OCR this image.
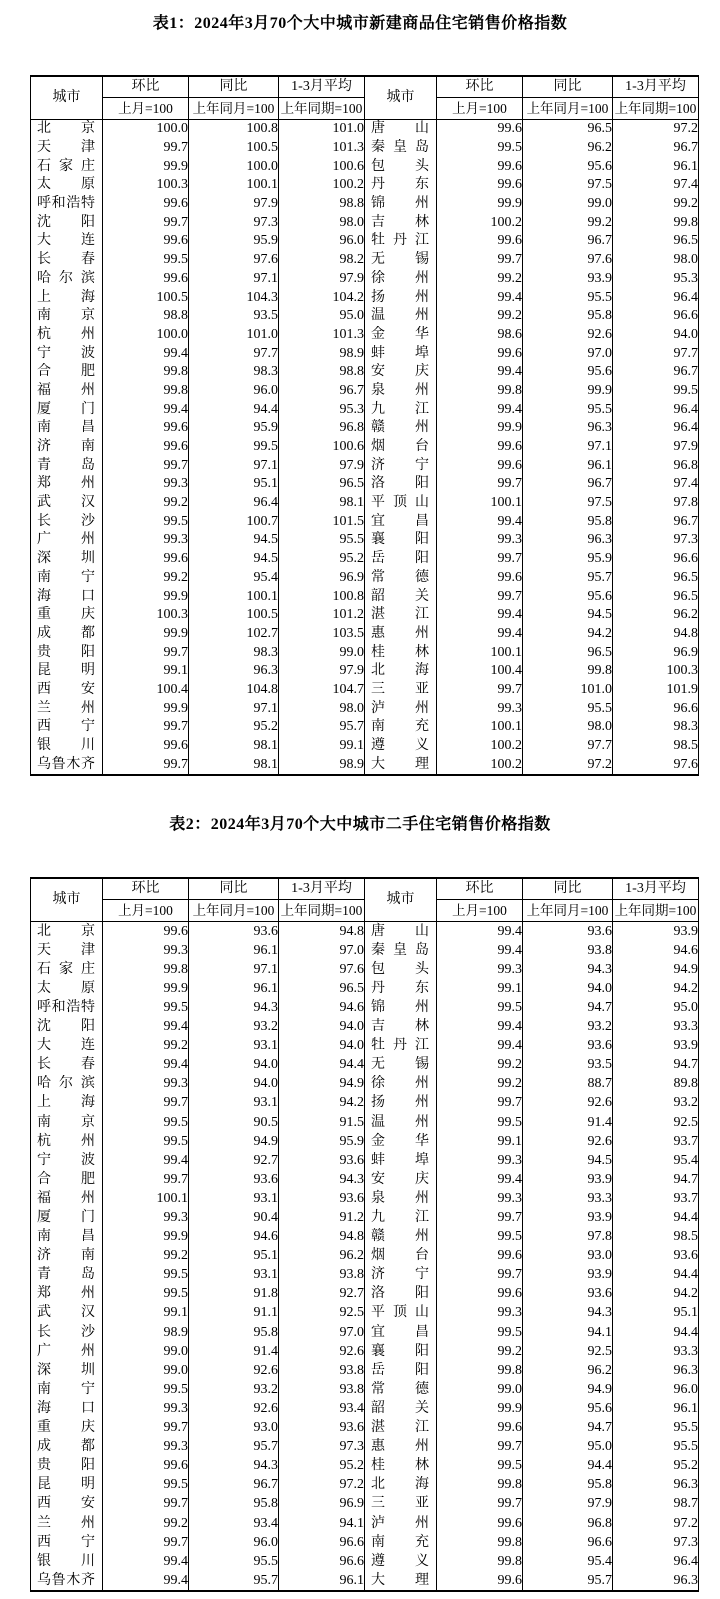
表1：2024年3月70个大中城市新建商品住宅销售价格指数
城市	环比	同比	1-3月平均	城市	环比	同比	1-3月平均
	上月=100	上年同月=100	上年同期=100		上月=100	上年同月=100	上年同期=100

北京	100.0	100.8	101.0	唐山	99.6	96.5	97.2

天津	99.7	100.5	101.3	秦皇岛	99.5	96.2	96.7

石家庄	99.9	100.0	100.6	包头	99.6	95.6	96.1

太原	100.3	100.1	100.2	丹东	99.6	97.5	97.4

呼和浩特	99.6	97.9	98.8	锦州	99.9	99.0	99.2

沈阳	99.7	97.3	98.0	吉林	100.2	99.2	99.8

大连	99.6	95.9	96.0	牡丹江	99.6	96.7	96.5

长春	99.5	97.6	98.2	无锡	99.7	97.6	98.0

哈尔滨	99.6	97.1	97.9	徐州	99.2	93.9	95.3

上海	100.5	104.3	104.2	扬州	99.4	95.5	96.4

南京	98.8	93.5	95.0	温州	99.2	95.8	96.6

杭州	100.0	101.0	101.3	金华	98.6	92.6	94.0

宁波	99.4	97.7	98.9	蚌埠	99.6	97.0	97.7

合肥	99.8	98.3	98.8	安庆	99.4	95.6	96.7

福州	99.8	96.0	96.7	泉州	99.8	99.9	99.5

厦门	99.4	94.4	95.3	九江	99.4	95.5	96.4

南昌	99.6	95.9	96.8	赣州	99.9	96.3	96.4

济南	99.6	99.5	100.6	烟台	99.6	97.1	97.9

青岛	99.7	97.1	97.9	济宁	99.6	96.1	96.8

郑州	99.3	95.1	96.5	洛阳	99.7	96.7	97.4

武汉	99.2	96.4	98.1	平顶山	100.1	97.5	97.8

长沙	99.5	100.7	101.5	宜昌	99.4	95.8	96.7

广州	99.3	94.5	95.5	襄阳	99.3	96.3	97.3

深圳	99.6	94.5	95.2	岳阳	99.7	95.9	96.6

南宁	99.2	95.4	96.9	常德	99.6	95.7	96.5

海口	99.9	100.1	100.8	韶关	99.7	95.6	96.5

重庆	100.3	100.5	101.2	湛江	99.4	94.5	96.2

成都	99.9	102.7	103.5	惠州	99.4	94.2	94.8

贵阳	99.7	98.3	99.0	桂林	100.1	96.5	96.9

昆明	99.1	96.3	97.9	北海	100.4	99.8	100.3

西安	100.4	104.8	104.7	三亚	99.7	101.0	101.9

兰州	99.9	97.1	98.0	泸州	99.3	95.5	96.6

西宁	99.7	95.2	95.7	南充	100.1	98.0	98.3

银川	99.6	98.1	99.1	遵义	100.2	97.7	98.5

乌鲁木齐	99.7	98.1	98.9	大理	100.2	97.2	97.6
表2：2024年3月70个大中城市二手住宅销售价格指数
城市	环比	同比	1-3月平均	城市	环比	同比	1-3月平均
	上月=100	上年同月=100	上年同期=100		上月=100	上年同月=100	上年同期=100

北京	99.6	93.6	94.8	唐山	99.4	93.6	93.9

天津	99.3	96.1	97.0	秦皇岛	99.4	93.8	94.6

石家庄	99.8	97.1	97.6	包头	99.3	94.3	94.9

太原	99.9	96.1	96.5	丹东	99.1	94.0	94.2

呼和浩特	99.5	94.3	94.6	锦州	99.5	94.7	95.0

沈阳	99.4	93.2	94.0	吉林	99.4	93.2	93.3

大连	99.2	93.1	94.0	牡丹江	99.4	93.6	93.9

长春	99.4	94.0	94.4	无锡	99.2	93.5	94.7

哈尔滨	99.3	94.0	94.9	徐州	99.2	88.7	89.8

上海	99.7	93.1	94.2	扬州	99.7	92.6	93.2

南京	99.5	90.5	91.5	温州	99.5	91.4	92.5

杭州	99.5	94.9	95.9	金华	99.1	92.6	93.7

宁波	99.4	92.7	93.6	蚌埠	99.3	94.5	95.4

合肥	99.7	93.6	94.3	安庆	99.4	93.9	94.7

福州	100.1	93.1	93.6	泉州	99.3	93.3	93.7

厦门	99.3	90.4	91.2	九江	99.7	93.9	94.4

南昌	99.9	94.6	94.8	赣州	99.5	97.8	98.5

济南	99.2	95.1	96.2	烟台	99.6	93.0	93.6

青岛	99.5	93.1	93.8	济宁	99.7	93.9	94.4

郑州	99.5	91.8	92.7	洛阳	99.6	93.6	94.2

武汉	99.1	91.1	92.5	平顶山	99.3	94.3	95.1

长沙	98.9	95.8	97.0	宜昌	99.5	94.1	94.4

广州	99.0	91.4	92.6	襄阳	99.2	92.5	93.3

深圳	99.0	92.6	93.8	岳阳	99.8	96.2	96.3

南宁	99.5	93.2	93.8	常德	99.0	94.9	96.0

海口	99.3	92.6	93.4	韶关	99.9	95.6	96.1

重庆	99.7	93.0	93.6	湛江	99.6	94.7	95.5

成都	99.3	95.7	97.3	惠州	99.7	95.0	95.5

贵阳	99.6	94.3	95.2	桂林	99.5	94.4	95.2

昆明	99.5	96.7	97.2	北海	99.8	95.8	96.3

西安	99.7	95.8	96.9	三亚	99.7	97.9	98.7

兰州	99.2	93.4	94.1	泸州	99.6	96.8	97.2

西宁	99.7	96.0	96.6	南充	99.8	96.6	97.3

银川	99.4	95.5	96.6	遵义	99.8	95.4	96.4

乌鲁木齐	99.4	95.7	96.1	大理	99.6	95.7	96.3
